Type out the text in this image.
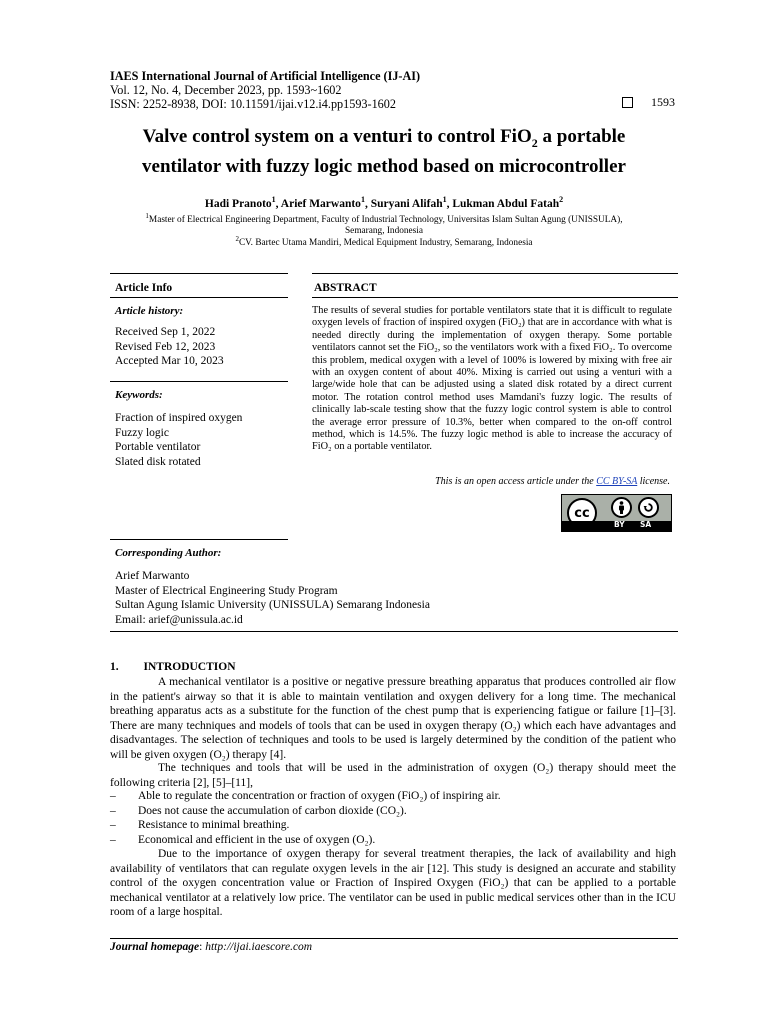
IAES International Journal of Artificial Intelligence (IJ-AI)
Vol. 12, No. 4, December 2023, pp. 1593~1602
ISSN: 2252-8938, DOI: 10.11591/ijai.v12.i4.pp1593-1602	1593
Valve control system on a venturi to control FiO$_2$ a portable
ventilator with fuzzy logic method based on microcontroller
Hadi Pranoto$^1$, Arief Marwanto$^1$, Suryani Alifah$^1$, Lukman Abdul Fatah$^2$
$^1$Master of Electrical Engineering Department, Faculty of Industrial Technology, Universitas Islam Sultan Agung (UNISSULA),
Semarang, Indonesia
$^2$CV. Bartec Utama Mandiri, Medical Equipment Industry, Semarang, Indonesia
Article Info
Article history:
Received Sep 1, 2022
Revised Feb 12, 2023
Accepted Mar 10, 2023
Keywords:
Fraction of inspired oxygen
Fuzzy logic
Portable ventilator
Slated disk rotated
ABSTRACT
The results of several studies for portable ventilators state that it is difficult to regulate oxygen levels of fraction of inspired oxygen (FiO₂) that are in accordance with what is needed directly during the implementation of oxygen therapy. Some portable ventilators cannot set the FiO₂, so the ventilators work with a fixed FiO₂. To overcome this problem, medical oxygen with a level of 100% is lowered by mixing with free air with an oxygen content of about 40%. Mixing is carried out using a venturi with a large/wide hole that can be adjusted using a slated disk rotated by a direct current motor. The rotation control method uses Mamdani's fuzzy logic. The results of clinically lab-scale testing show that the fuzzy logic control system is able to control the average error pressure of 10.3%, better when compared to the on-off control method, which is 14.5%. The fuzzy logic method is able to increase the accuracy of FiO₂ on a portable ventilator.
This is an open access article under the CC BY-SA license.
cc
BY SA
Corresponding Author:
Arief Marwanto
Master of Electrical Engineering Study Program
Sultan Agung Islamic University (UNISSULA) Semarang Indonesia
Email: arief@unissula.ac.id
1. INTRODUCTION
A mechanical ventilator is a positive or negative pressure breathing apparatus that produces controlled air flow in the patient's airway so that it is able to maintain ventilation and oxygen delivery for a long time. The mechanical breathing apparatus acts as a substitute for the function of the chest pump that is experiencing fatigue or failure [1]–[3]. There are many techniques and models of tools that can be used in oxygen therapy (O₂) which each have advantages and disadvantages. The selection of techniques and tools to be used is largely determined by the condition of the patient who will be given oxygen (O₂) therapy [4].
The techniques and tools that will be used in the administration of oxygen (O₂) therapy should meet the following criteria [2], [5]–[11],
– Able to regulate the concentration or fraction of oxygen (FiO₂) of inspiring air.
– Does not cause the accumulation of carbon dioxide (CO₂).
– Resistance to minimal breathing.
– Economical and efficient in the use of oxygen (O₂).
Due to the importance of oxygen therapy for several treatment therapies, the lack of availability and high availability of ventilators that can regulate oxygen levels in the air [12]. This study is designed an accurate and stability control of the oxygen concentration value or Fraction of Inspired Oxygen (FiO₂) that can be applied to a portable mechanical ventilator at a relatively low price. The ventilator can be used in public medical services other than in the ICU room of a large hospital.
Journal homepage: http://ijai.iaescore.com
